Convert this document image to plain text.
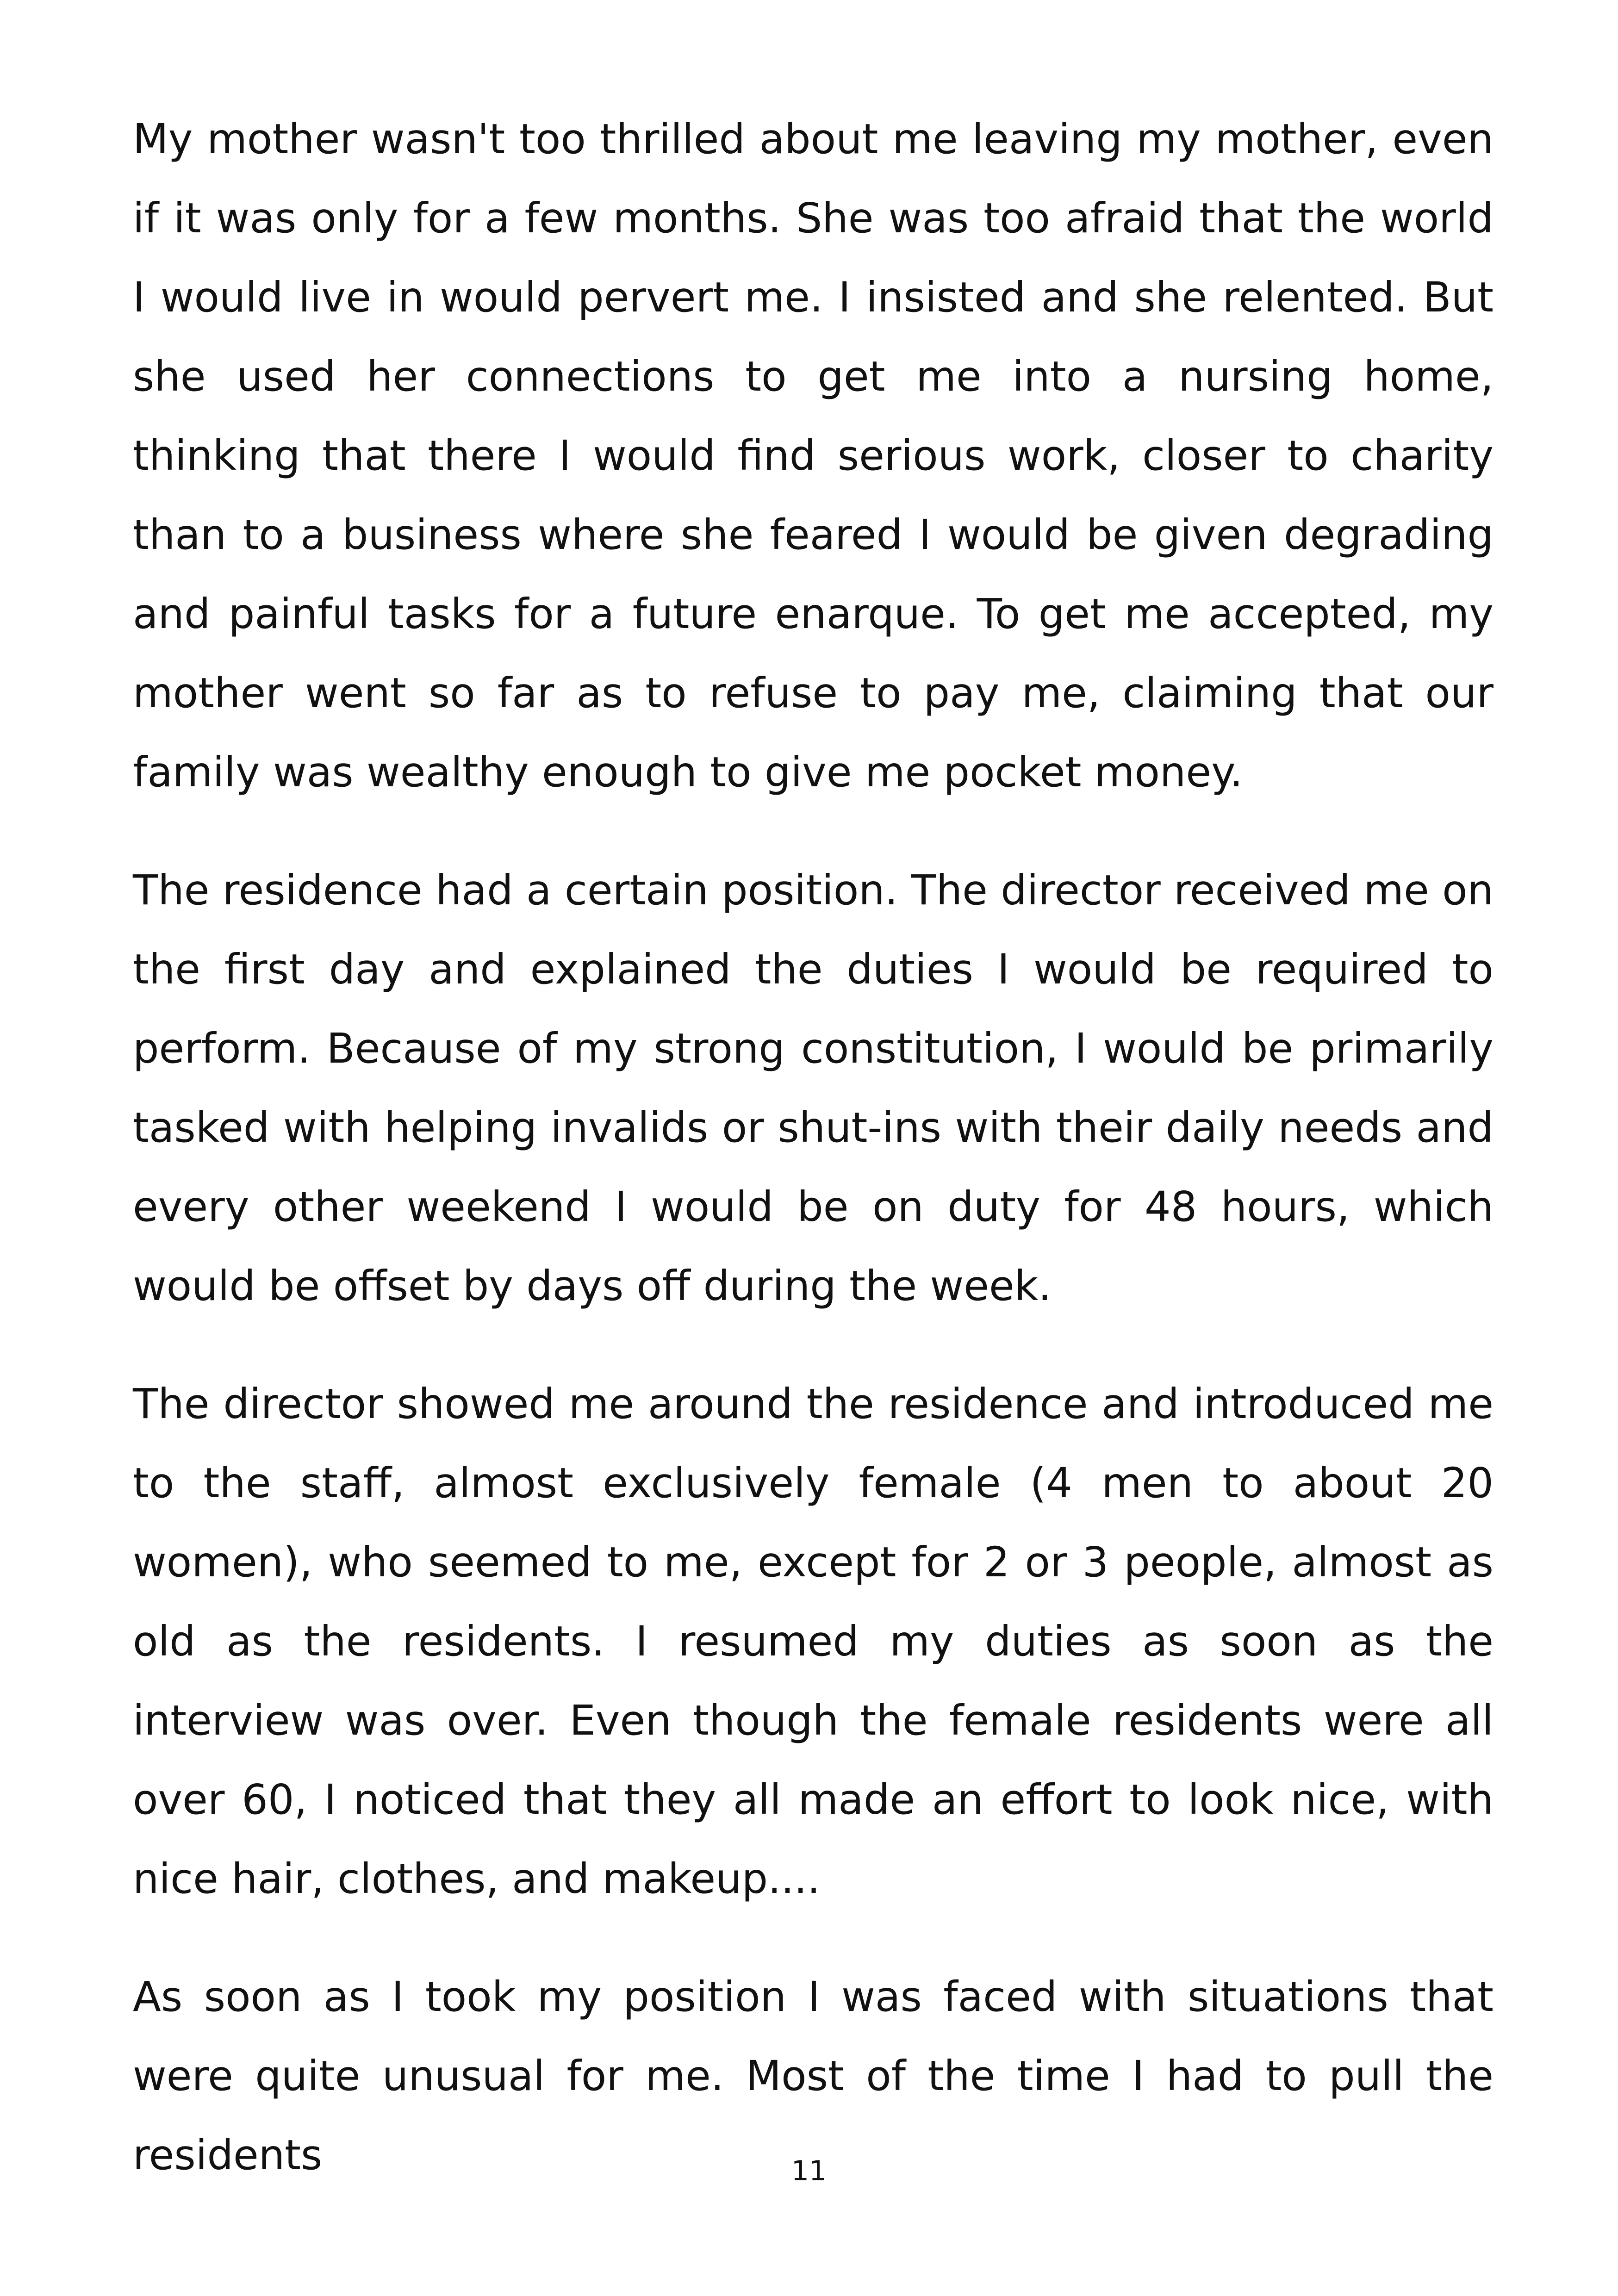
My mother wasn't too thrilled about me leaving my mother, even if it was only for a few months. She was too afraid that the world I would live in would pervert me. I insisted and she relented. But she used her connections to get me into a nursing home, thinking that there I would find serious work, closer to charity than to a business where she feared I would be given degrading and painful tasks for a future enarque. To get me accepted, my mother went so far as to refuse to pay me, claiming that our family was wealthy enough to give me pocket money.

The residence had a certain position. The director received me on the first day and explained the duties I would be required to perform. Because of my strong constitution, I would be primarily tasked with helping invalids or shut-ins with their daily needs and every other weekend I would be on duty for 48 hours, which would be offset by days off during the week.

The director showed me around the residence and introduced me to the staff, almost exclusively female (4 men to about 20 women), who seemed to me, except for 2 or 3 people, almost as old as the residents. I resumed my duties as soon as the interview was over. Even though the female residents were all over 60, I noticed that they all made an effort to look nice, with nice hair, clothes, and makeup....

As soon as I took my position I was faced with situations that were quite unusual for me. Most of the time I had to pull the residents	11
